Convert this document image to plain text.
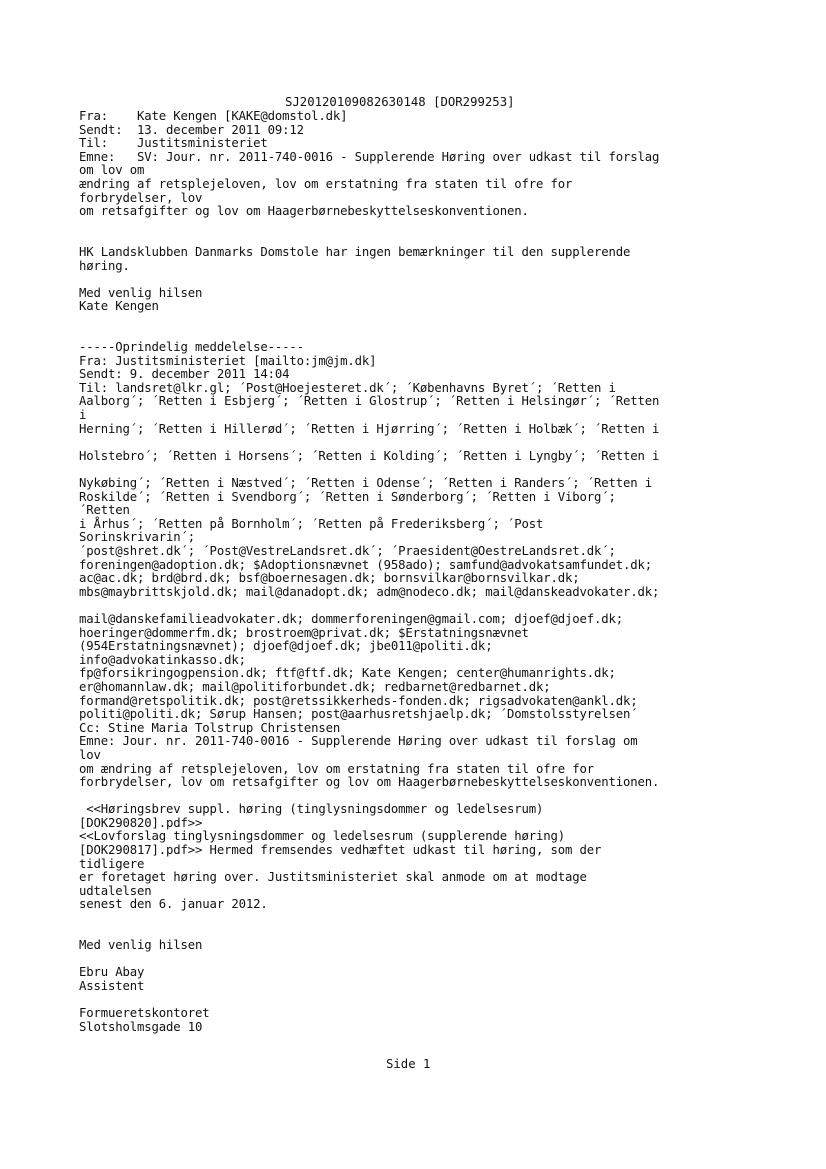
SJ20120109082630148 [DOR299253]
Fra:    Kate Kengen [KAKE@domstol.dk]
Sendt:  13. december 2011 09:12
Til:    Justitsministeriet
Emne:   SV: Jour. nr. 2011-740-0016 - Supplerende Høring over udkast til forslag
om lov om
ændring af retsplejeloven, lov om erstatning fra staten til ofre for
forbrydelser, lov
om retsafgifter og lov om Haagerbørnebeskyttelseskonventionen.
HK Landsklubben Danmarks Domstole har ingen bemærkninger til den supplerende
høring.
Med venlig hilsen
Kate Kengen
-----Oprindelig meddelelse-----
Fra: Justitsministeriet [mailto:jm@jm.dk]
Sendt: 9. december 2011 14:04
Til: landsret@lkr.gl; ´Post@Hoejesteret.dk´; ´Københavns Byret´; ´Retten i
Aalborg´; ´Retten i Esbjerg´; ´Retten i Glostrup´; ´Retten i Helsingør´; ´Retten
i
Herning´; ´Retten i Hillerød´; ´Retten i Hjørring´; ´Retten i Holbæk´; ´Retten i
Holstebro´; ´Retten i Horsens´; ´Retten i Kolding´; ´Retten i Lyngby´; ´Retten i
Nykøbing´; ´Retten i Næstved´; ´Retten i Odense´; ´Retten i Randers´; ´Retten i
Roskilde´; ´Retten i Svendborg´; ´Retten i Sønderborg´; ´Retten i Viborg´;
´Retten
i Århus´; ´Retten på Bornholm´; ´Retten på Frederiksberg´; ´Post
Sorinskrivarin´;
´post@shret.dk´; ´Post@VestreLandsret.dk´; ´Praesident@OestreLandsret.dk´;
foreningen@adoption.dk; $Adoptionsnævnet (958ado); samfund@advokatsamfundet.dk;
ac@ac.dk; brd@brd.dk; bsf@boernesagen.dk; bornsvilkar@bornsvilkar.dk;
mbs@maybrittskjold.dk; mail@danadopt.dk; adm@nodeco.dk; mail@danskeadvokater.dk;
mail@danskefamilieadvokater.dk; dommerforeningen@gmail.com; djoef@djoef.dk;
hoeringer@dommerfm.dk; brostroem@privat.dk; $Erstatningsnævnet
(954Erstatningsnævnet); djoef@djoef.dk; jbe011@politi.dk;
info@advokatinkasso.dk;
fp@forsikringogpension.dk; ftf@ftf.dk; Kate Kengen; center@humanrights.dk;
er@homannlaw.dk; mail@politiforbundet.dk; redbarnet@redbarnet.dk;
formand@retspolitik.dk; post@retssikkerheds-fonden.dk; rigsadvokaten@ankl.dk;
politi@politi.dk; Sørup Hansen; post@aarhusretshjaelp.dk; ´Domstolsstyrelsen´
Cc: Stine Maria Tolstrup Christensen
Emne: Jour. nr. 2011-740-0016 - Supplerende Høring over udkast til forslag om
lov
om ændring af retsplejeloven, lov om erstatning fra staten til ofre for
forbrydelser, lov om retsafgifter og lov om Haagerbørnebeskyttelseskonventionen.
<<Høringsbrev suppl. høring (tinglysningsdommer og ledelsesrum)
[DOK290820].pdf>>
<<Lovforslag tinglysningsdommer og ledelsesrum (supplerende høring)
[DOK290817].pdf>> Hermed fremsendes vedhæftet udkast til høring, som der
tidligere
er foretaget høring over. Justitsministeriet skal anmode om at modtage
udtalelsen
senest den 6. januar 2012.
Med venlig hilsen
Ebru Abay
Assistent
Formueretskontoret
Slotsholmsgade 10
Side 1
